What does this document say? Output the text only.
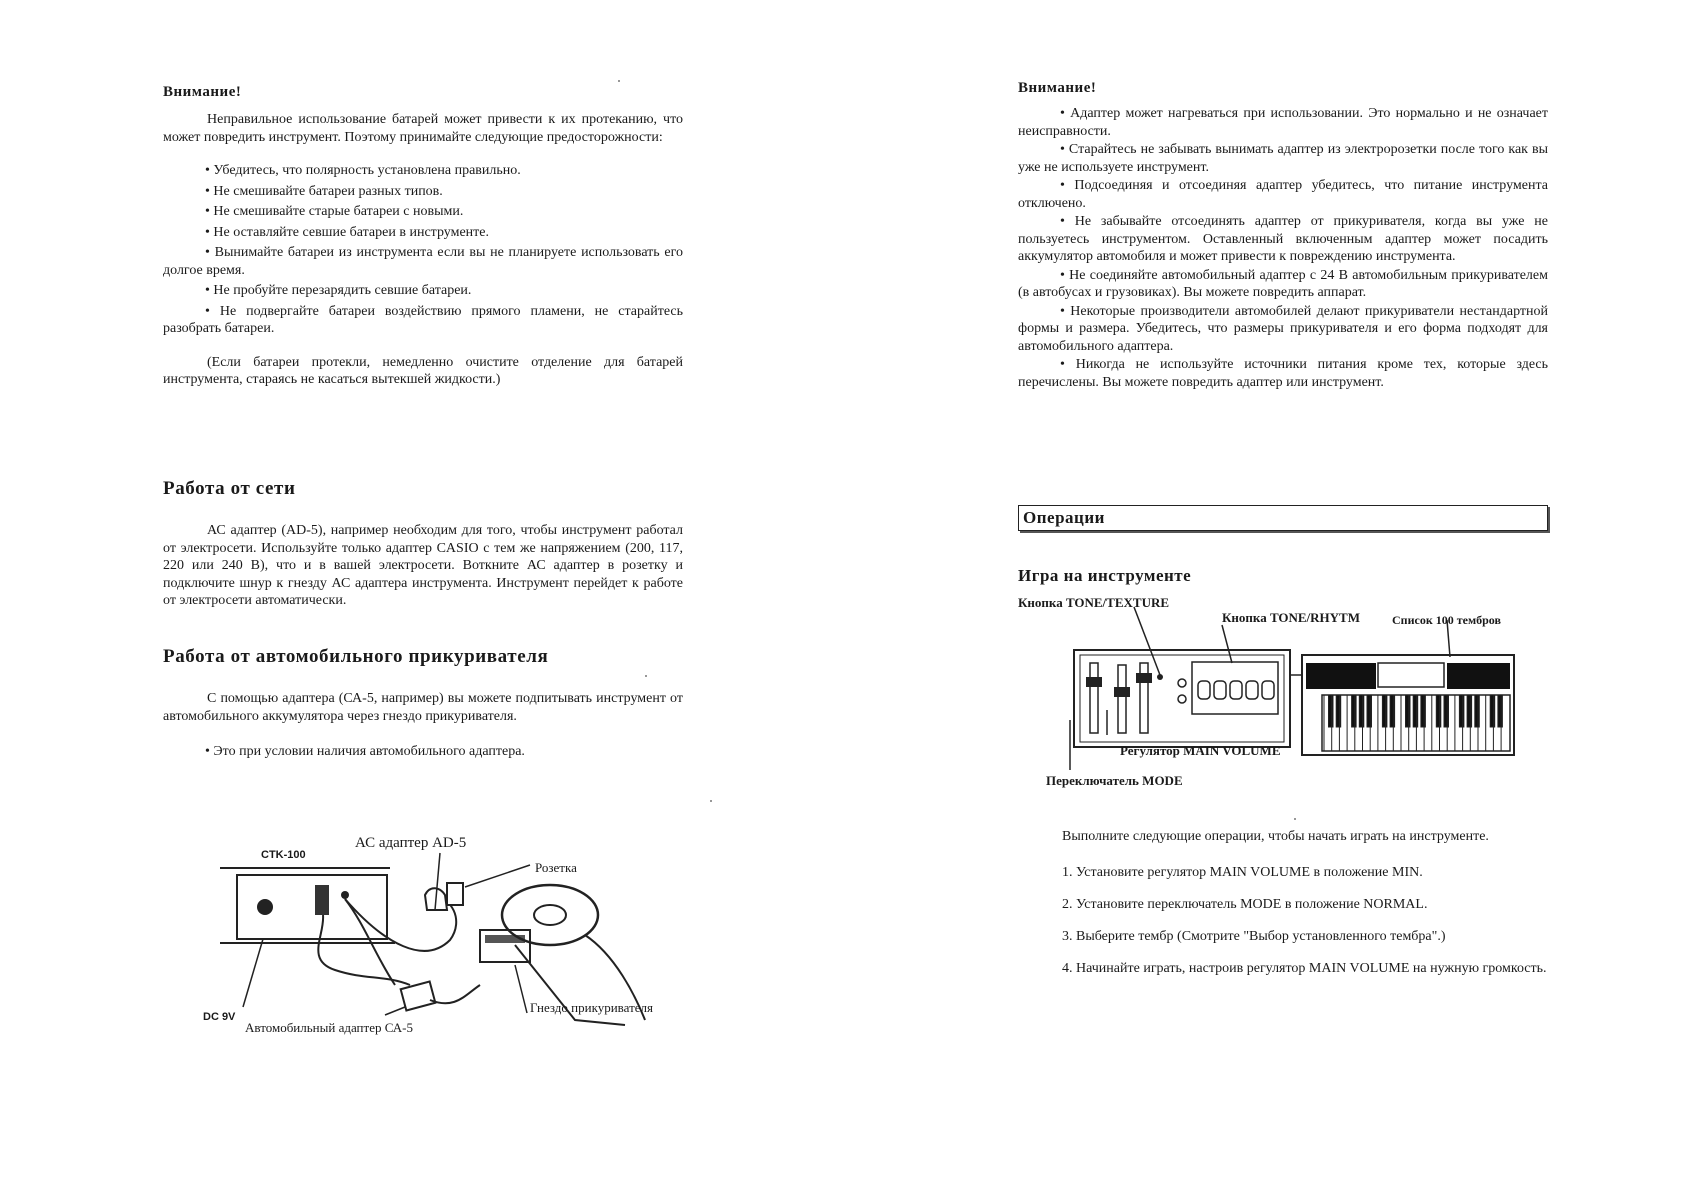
Внимание!

Неправильное использование батарей может привести к их протеканию, что может повредить инструмент. Поэтому принимайте следующие предосторожности:

• Убедитесь, что полярность установлена правильно.
• Не смешивайте батареи разных типов.
• Не смешивайте старые батареи с новыми.
• Не оставляйте севшие батареи в инструменте.
• Вынимайте батареи из инструмента если вы не планируете использовать его долгое время.
• Не пробуйте перезарядить севшие батареи.
• Не подвергайте батареи воздействию прямого пламени, не старайтесь разобрать батареи.

(Если батареи протекли, немедленно очистите отделение для батарей инструмента, стараясь не касаться вытекшей жидкости.)

Работа от сети

АС адаптер (AD-5), например необходим для того, чтобы инструмент работал от электросети. Используйте только адаптер CASIO с тем же напряжением (200, 117, 220 или 240 В), что и в вашей электросети. Воткните АС адаптер в розетку и подключите шнур к гнезду АС адаптера инструмента. Инструмент перейдет к работе от электросети автоматически.

Работа от автомобильного прикуривателя

С помощью адаптера (СА-5, например) вы можете подпитывать инструмент от автомобильного аккумулятора через гнездо прикуривателя.

• Это при условии наличия автомобильного адаптера.
АС адаптер AD-5
CTK-100
Розетка
DC 9V
Автомобильный адаптер СА-5
Гнездо прикуривателя
Внимание!
• Адаптер может нагреваться при использовании. Это нормально и не означает неисправности.
• Старайтесь не забывать вынимать адаптер из электророзетки после того как вы уже не используете инструмент.
• Подсоединяя и отсоединяя адаптер убедитесь, что питание инструмента отключено.
• Не забывайте отсоединять адаптер от прикуривателя, когда вы уже не пользуетесь инструментом. Оставленный включенным адаптер может посадить аккумулятор автомобиля и может привести к повреждению инструмента.
• Не соединяйте автомобильный адаптер с 24 В автомобильным прикуривателем (в автобусах и грузовиках). Вы можете повредить аппарат.
• Некоторые производители автомобилей делают прикуриватели нестандартной формы и размера. Убедитесь, что размеры прикуривателя и его форма подходят для автомобильного адаптера.
• Никогда не используйте источники питания кроме тех, которые здесь перечислены. Вы можете повредить адаптер или инструмент.
Операции
Игра на инструменте
Кнопка TONE/TEXTURE
Кнопка TONE/RHYTM	Список 100 тембров
Регулятор MAIN VOLUME
Переключатель MODE

Выполните следующие операции, чтобы начать играть на инструменте.

1. Установите регулятор MAIN VOLUME в положение MIN.

2. Установите переключатель MODE в положение NORMAL.

3. Выберите тембр (Смотрите "Выбор установленного тембра".)

4. Начинайте играть, настроив регулятор MAIN VOLUME на нужную громкость.
